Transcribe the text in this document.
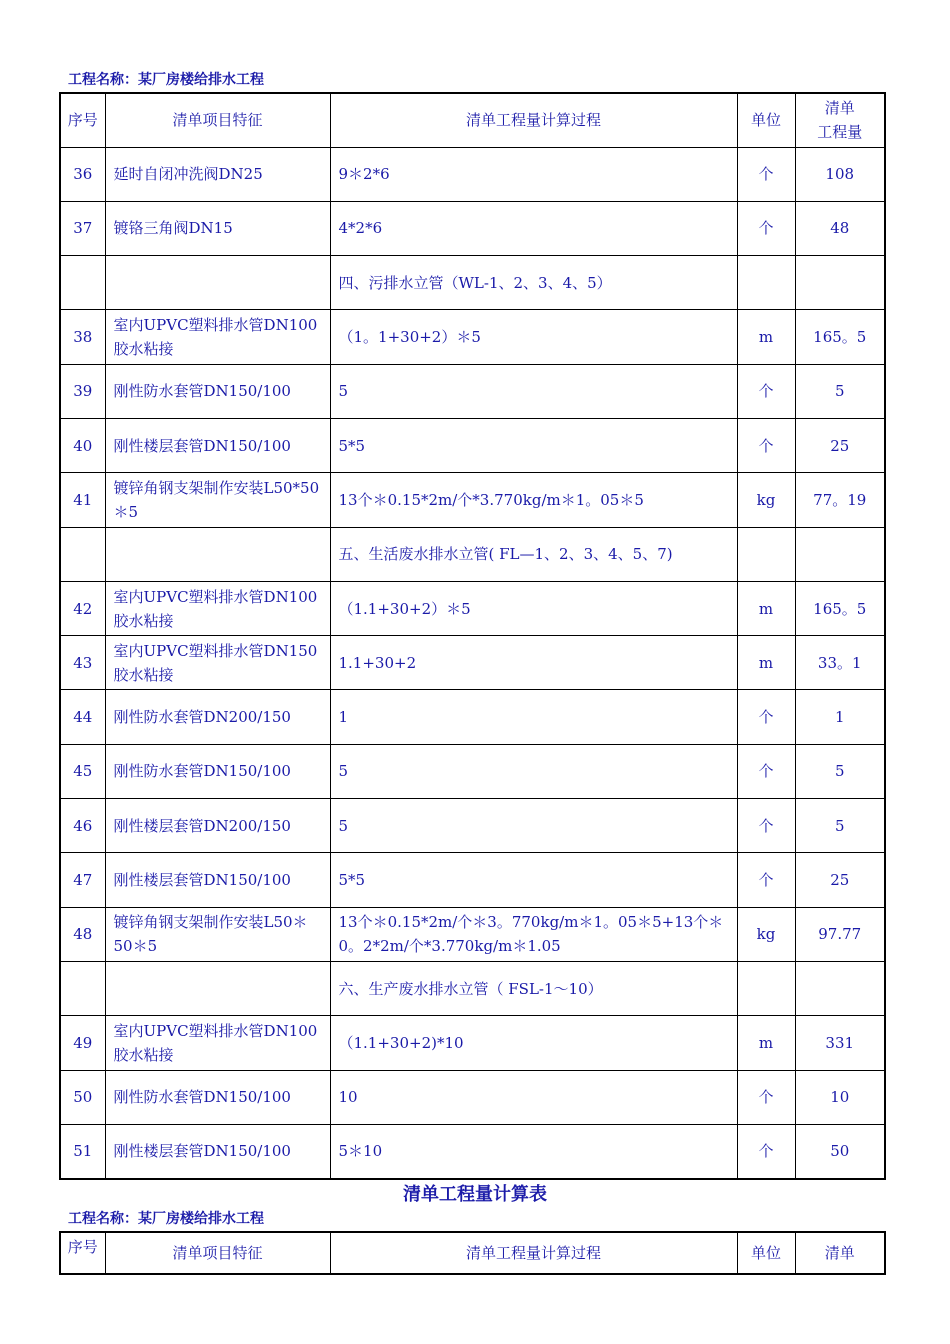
工程名称：某厂房楼给排水工程
序号	清单项目特征	清单工程量计算过程	单位	清单
工程量

36	延时自闭冲洗阀DN25	9＊2*6	个	108
37	镀铬三角阀DN15	4*2*6	个	48
		四、污排水立管（WL-1、2、3、4、5）		
38	室内UPVC塑料排水管DN100胶水粘接	（1。1+30+2）＊5	m	165。5
39	刚性防水套管DN150/100	5	个	5
40	刚性楼层套管DN150/100	5*5	个	25
41	镀锌角钢支架制作安装L50*50＊5	13个＊0.15*2m/个*3.770kg/m＊1。05＊5	kg	77。19
		五、生活废水排水立管( FL—1、2、3、4、5、7)		
42	室内UPVC塑料排水管DN100胶水粘接	（1.1+30+2）＊5	m	165。5
43	室内UPVC塑料排水管DN150胶水粘接	1.1+30+2	m	33。1
44	刚性防水套管DN200/150	1	个	1
45	刚性防水套管DN150/100	5	个	5
46	刚性楼层套管DN200/150	5	个	5
47	刚性楼层套管DN150/100	5*5	个	25
48	镀锌角钢支架制作安装L50＊50＊5	13个＊0.15*2m/个＊3。770kg/m＊1。05＊5+13个＊0。2*2m/个*3.770kg/m＊1.05	kg	97.77
		六、生产废水排水立管（ FSL-1～10）		
49	室内UPVC塑料排水管DN100胶水粘接	（1.1+30+2)*10	m	331
50	刚性防水套管DN150/100	10	个	10
51	刚性楼层套管DN150/100	5＊10	个	50
清单工程量计算表
工程名称：某厂房楼给排水工程
序号	清单项目特征	清单工程量计算过程	单位	清单
